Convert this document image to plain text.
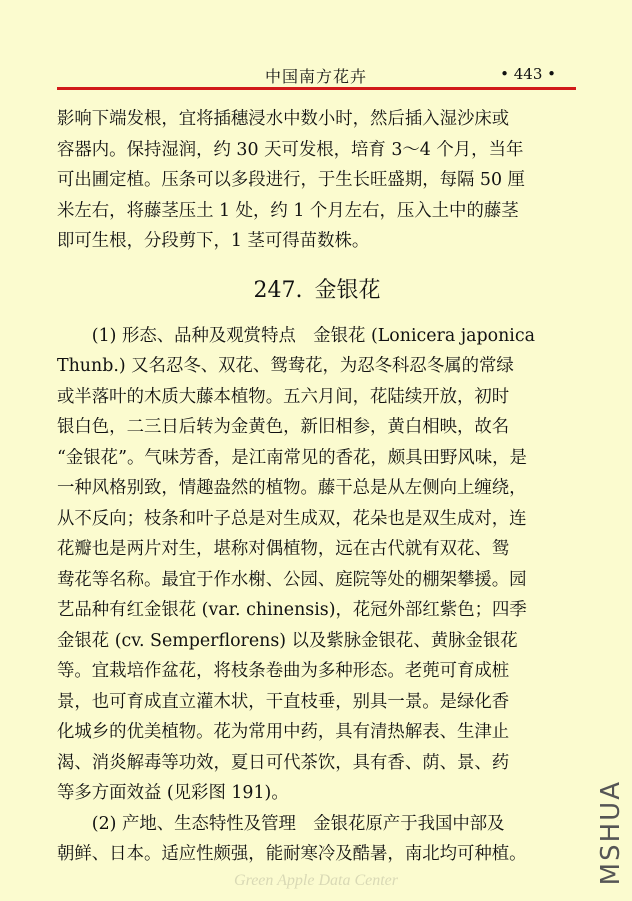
中国南方花卉	• 443 •

影响下端发根，宜将插穗浸水中数小时，然后插入湿沙床或
容器内。保持湿润，约 30 天可发根，培育 3～4 个月，当年
可出圃定植。压条可以多段进行，于生长旺盛期，每隔 50 厘
米左右，将藤茎压土 1 处，约 1 个月左右，压入土中的藤茎
即可生根，分段剪下，1 茎可得苗数株。

247. 金银花

　　(1) 形态、品种及观赏特点　金银花 (Lonicera japonica
Thunb.) 又名忍冬、双花、鸳鸯花，为忍冬科忍冬属的常绿
或半落叶的木质大藤本植物。五六月间，花陆续开放，初时
银白色，二三日后转为金黄色，新旧相参，黄白相映，故名
“金银花”。气味芳香，是江南常见的香花，颇具田野风味，是
一种风格别致，情趣盎然的植物。藤干总是从左侧向上缠绕，
从不反向；枝条和叶子总是对生成双，花朵也是双生成对，连
花瓣也是两片对生，堪称对偶植物，远在古代就有双花、鸳
鸯花等名称。最宜于作水榭、公园、庭院等处的棚架攀援。园
艺品种有红金银花 (var. chinensis)，花冠外部红紫色；四季
金银花 (cv. Semperflorens) 以及紫脉金银花、黄脉金银花
等。宜栽培作盆花，将枝条卷曲为多种形态。老蔸可育成桩
景，也可育成直立灌木状，干直枝垂，别具一景。是绿化香
化城乡的优美植物。花为常用中药，具有清热解表、生津止
渴、消炎解毒等功效，夏日可代茶饮，具有香、荫、景、药
等多方面效益 (见彩图 191)。

　　(2) 产地、生态特性及管理　金银花原产于我国中部及
朝鲜、日本。适应性颇强，能耐寒冷及酷暑，南北均可种植。	MSHUA
Green Apple Data Center
